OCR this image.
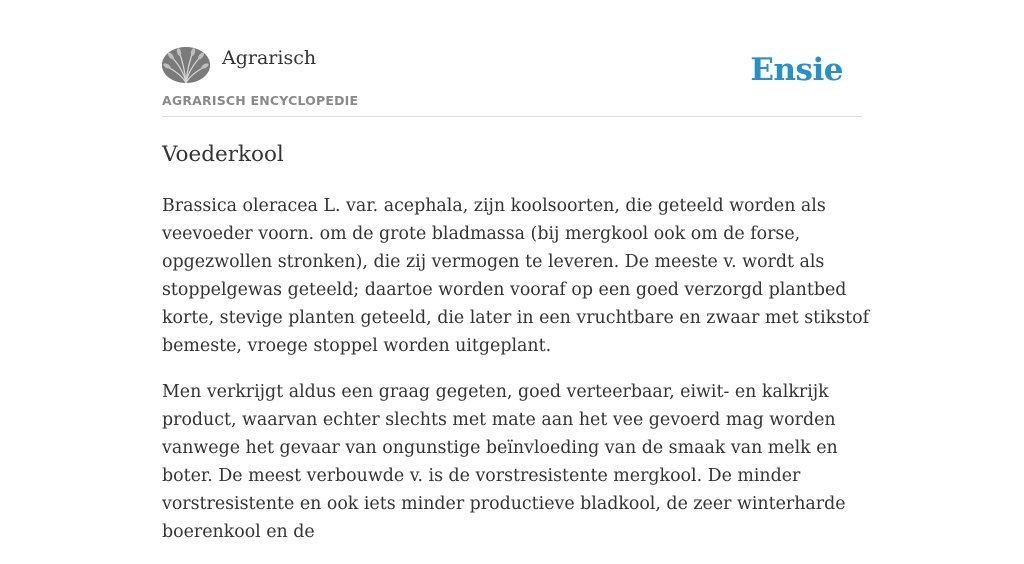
Agrarisch
AGRARISCH ENCYCLOPEDIE
Ensie
Voederkool

Brassica oleracea L. var. acephala, zijn koolsoorten, die geteeld worden als veevoeder voorn. om de grote bladmassa (bij mergkool ook om de forse, opgezwollen stronken), die zij vermogen te leveren. De meeste v. wordt als stoppelgewas geteeld; daartoe worden vooraf op een goed verzorgd plantbed korte, stevige planten geteeld, die later in een vruchtbare en zwaar met stikstof bemeste, vroege stoppel worden uitgeplant.

Men verkrijgt aldus een graag gegeten, goed verteerbaar, eiwit- en kalkrijk product, waarvan echter slechts met mate aan het vee gevoerd mag worden vanwege het gevaar van ongunstige beïnvloeding van de smaak van melk en boter. De meest verbouwde v. is de vorstresistente mergkool. De minder vorstresistente en ook iets minder productieve bladkool, de zeer winterharde boerenkool en de
